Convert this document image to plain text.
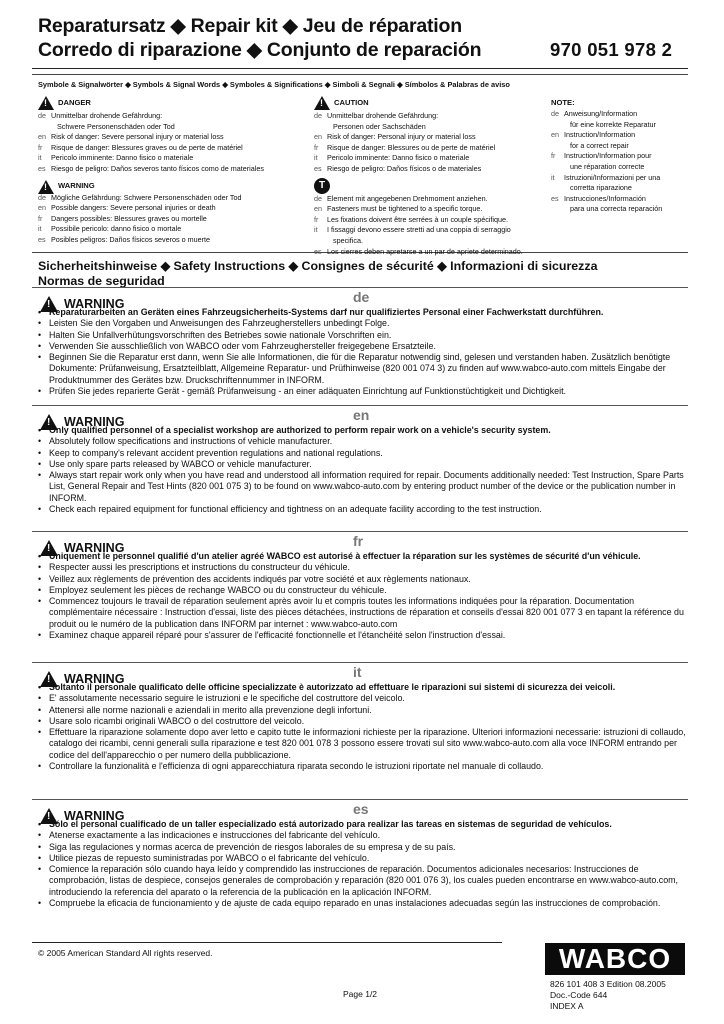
Reparatursatz ◆ Repair kit ◆ Jeu de réparation
Corredo di riparazione ◆ Conjunto de reparación	970 051 978 2
Symbole & Signalwörter ◆ Symbols & Signal Words ◆ Symboles & Significations ◆ Simboli & Segnali ◆ Símbolos & Palabras de aviso
!DANGER
de Unmittelbar drohende Gefährdung:
Schwere Personenschäden oder Tod
en Risk of danger: Severe personal injury or material loss
fr Risque de danger: Blessures graves ou de perte de matériel
it Pericolo imminente: Danno fisico o materiale
es Riesgo de peligro: Daños severos tanto físicos como de materiales
!WARNING
de Mögliche Gefährdung: Schwere Personenschäden oder Tod
en Possible dangers: Severe personal injuries or death
fr Dangers possibles: Blessures graves ou mortelle
it Possibile pericolo: danno fisico o mortale
es Posibles peligros: Daños físicos severos o muerte
!CAUTION
de Unmittelbar drohende Gefährdung:
Personen oder Sachschäden
en Risk of danger: Personal injury or material loss
fr Risque de danger: Blessures ou de perte de matériel
it Pericolo imminente: Danno fisico o materiale
es Riesgo de peligro: Daños físicos o de materiales
T
de Element mit angegebenen Drehmoment anziehen.
en Fasteners must be tightened to a specific torque.
fr Les fixations doivent être serrées à un couple spécifique.
it I fissaggi devono essere stretti ad una coppia di serraggio
specifica.
es Los cierres deben apretarse a un par de apriete determinado.
NOTE:
de Anweisung/Information
für eine korrekte Reparatur
en Instruction/Information
for a correct repair
fr Instruction/Information pour
une réparation correcte
it Istruzioni/Informazioni per una
corretta riparazione
es Instrucciones/Información
para una correcta reparación
Sicherheitshinweise ◆ Safety Instructions ◆ Consignes de sécurité ◆ Informazioni di sicurezza
Normas de seguridad
de
!WARNING
• Reparaturarbeiten an Geräten eines Fahrzeugsicherheits-Systems darf nur qualifiziertes Personal einer Fachwerkstatt durchführen.
• Leisten Sie den Vorgaben und Anweisungen des Fahrzeugherstellers unbedingt Folge.
• Halten Sie Unfallverhütungsvorschriften des Betriebes sowie nationale Vorschriften ein.
• Verwenden Sie ausschließlich von WABCO oder vom Fahrzeughersteller freigegebene Ersatzteile.
• Beginnen Sie die Reparatur erst dann, wenn Sie alle Informationen, die für die Reparatur notwendig sind, gelesen und verstanden haben. Zusätzlich benötigte Dokumente: Prüfanweisung, Ersatzteilblatt, Allgemeine Reparatur- und Prüfhinweise (820 001 074 3) zu finden auf www.wabco-auto.com mittels Eingabe der Produktnummer des Gerätes bzw. Druckschriftennummer in INFORM.
• Prüfen Sie jedes reparierte Gerät - gemäß Prüfanweisung - an einer adäquaten Einrichtung auf Funktionstüchtigkeit und Dichtigkeit.
en
!WARNING
• Only qualified personnel of a specialist workshop are authorized to perform repair work on a vehicle's security system.
• Absolutely follow specifications and instructions of vehicle manufacturer.
• Keep to company's relevant accident prevention regulations and national regulations.
• Use only spare parts released by WABCO or vehicle manufacturer.
• Always start repair work only when you have read and understood all information required for repair. Documents additionally needed: Test Instruction, Spare Parts List, General Repair and Test Hints (820 001 075 3) to be found on www.wabco-auto.com by entering product number of the device or the publication number in INFORM.
• Check each repaired equipment for functional efficiency and tightness on an adequate facility according to the test instruction.
fr
!WARNING
• Uniquement le personnel qualifié d'un atelier agréé WABCO est autorisé à effectuer la réparation sur les systèmes de sécurité d'un véhicule.
• Respecter aussi les prescriptions et instructions du constructeur du véhicule.
• Veillez aux règlements de prévention des accidents indiqués par votre société et aux règlements nationaux.
• Employez seulement les pièces de rechange WABCO ou du constructeur du véhicule.
• Commencez toujours le travail de réparation seulement après avoir lu et compris toutes les informations indiquées pour la réparation. Documentation complémentaire nécessaire : Instruction d'essai, liste des pièces détachées, instructions de réparation et conseils d'essai 820 001 077 3 en tapant la référence du produit ou le numéro de la publication dans INFORM par internet : www.wabco-auto.com
• Examinez chaque appareil réparé pour s'assurer de l'efficacité fonctionnelle et l'étanchéité selon l'instruction d'essai.
it
!WARNING
• Soltanto il personale qualificato delle officine specializzate è autorizzato ad effettuare le riparazioni sui sistemi di sicurezza dei veicoli.
• E' assolutamente necessario seguire le istruzioni e le specifiche del costruttore del veicolo.
• Attenersi alle norme nazionali e aziendali in merito alla prevenzione degli infortuni.
• Usare solo ricambi originali WABCO o del costruttore del veicolo.
• Effettuare la riparazione solamente dopo aver letto e capito tutte le informazioni richieste per la riparazione. Ulteriori informazioni necessarie: istruzioni di collaudo, catalogo dei ricambi, cenni generali sulla riparazione e test 820 001 078 3 possono essere trovati sul sito www.wabco-auto.com alla voce INFORM entrando per codice del dell'apparecchio o per numero della pubblicazione.
• Controllare la funzionalità e l'efficienza di ogni apparecchiatura riparata secondo le istruzioni riportate nel manuale di collaudo.
es
!WARNING
• Sólo el personal cualificado de un taller especializado está autorizado para realizar las tareas en sistemas de seguridad de vehículos.
• Atenerse exactamente a las indicaciones e instrucciones del fabricante del vehículo.
• Siga las regulaciones y normas acerca de prevención de riesgos laborales de su empresa y de su país.
• Utilice piezas de repuesto suministradas por WABCO o el fabricante del vehículo.
• Comience la reparación sólo cuando haya leído y comprendido las instrucciones de reparación. Documentos adicionales necesarios: Instrucciones de comprobación, listas de despiece, consejos generales de comprobación y reparación (820 001 076 3), los cuales pueden encontrarse en www.wabco-auto.com, introduciendo la referencia del aparato o la referencia de la publicación en la aplicación INFORM.
• Compruebe la eficacia de funcionamiento y de ajuste de cada equipo reparado en unas instalaciones adecuadas según las instrucciones de comprobación.
© 2005 American Standard All rights reserved.	WABCO
826 101 408 3 Edition 08.2005
Doc.-Code 644
INDEX A
Page 1/2
